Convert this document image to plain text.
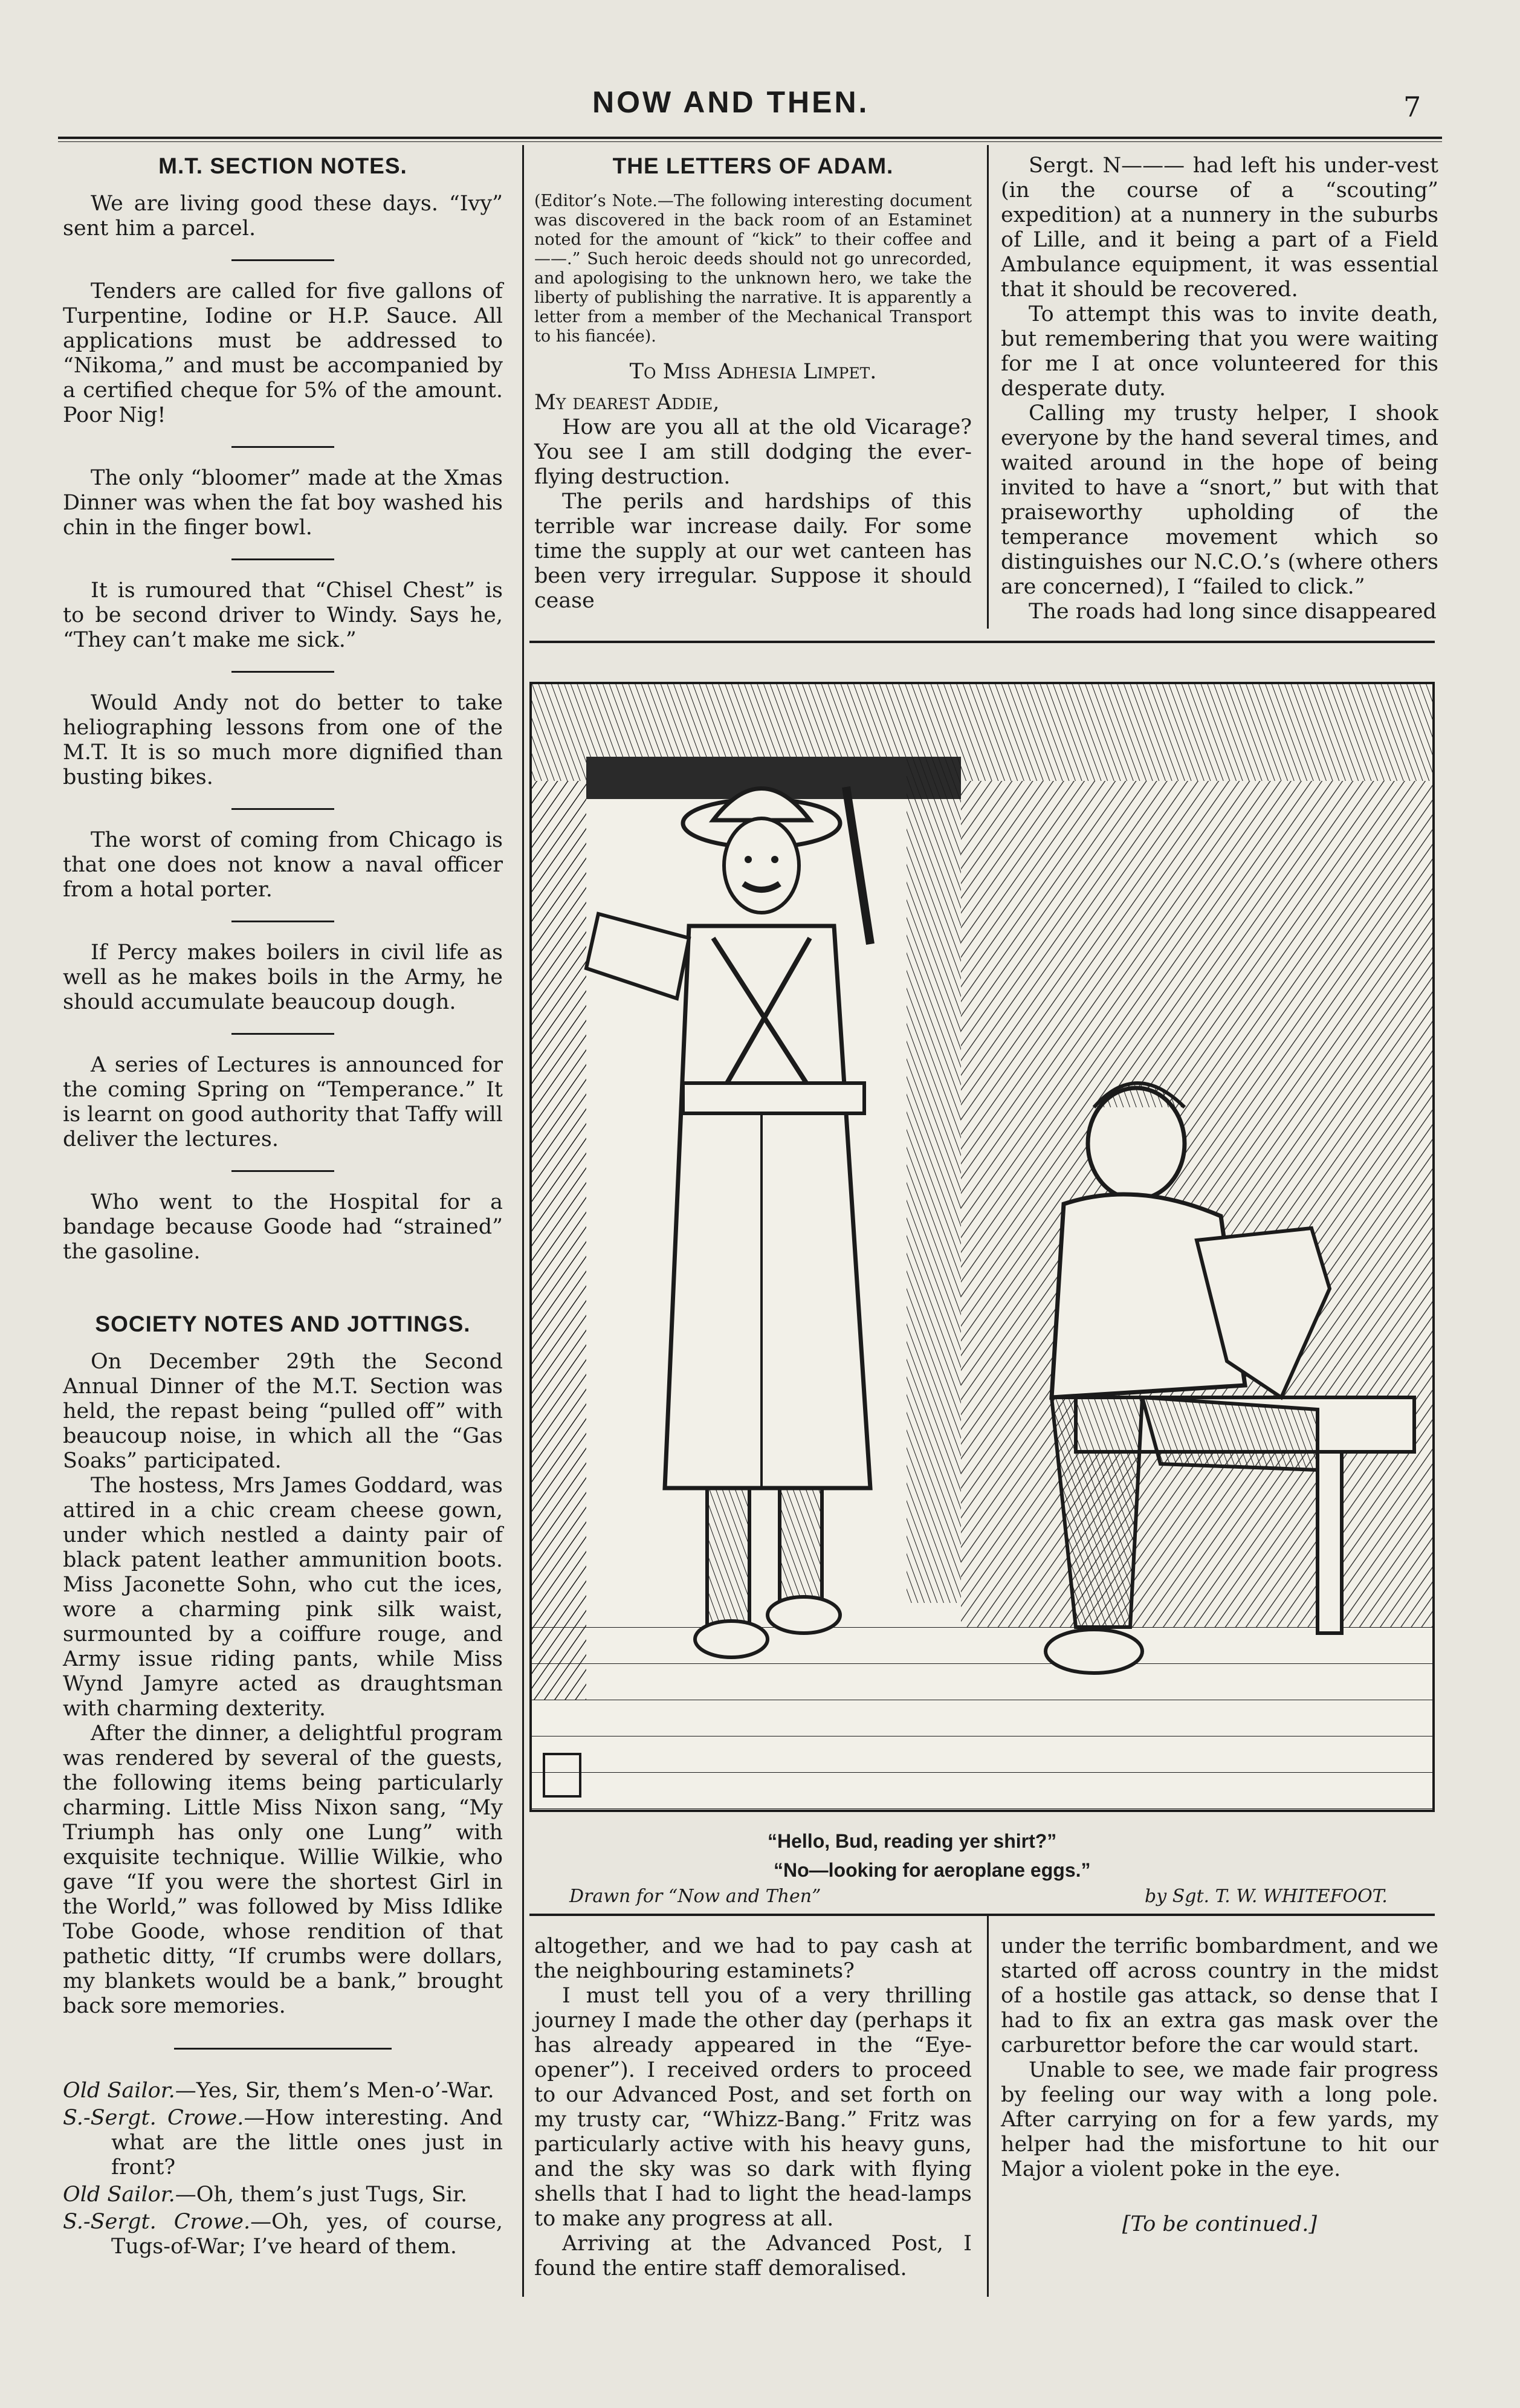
NOW AND THEN.	7
M.T. SECTION NOTES.

We are living good these days. “Ivy” sent him a parcel.

Tenders are called for five gallons of Turpentine, Iodine or H.P. Sauce. All applications must be addressed to “Nikoma,” and must be accompanied by a certified cheque for 5% of the amount. Poor Nig!

The only “bloomer” made at the Xmas Dinner was when the fat boy washed his chin in the finger bowl.

It is rumoured that “Chisel Chest” is to be second driver to Windy. Says he, “They can’t make me sick.”

Would Andy not do better to take heliographing lessons from one of the M.T. It is so much more dignified than busting bikes.

The worst of coming from Chicago is that one does not know a naval officer from a hotal porter.

If Percy makes boilers in civil life as well as he makes boils in the Army, he should accumulate beaucoup dough.

A series of Lectures is announced for the coming Spring on “Temperance.” It is learnt on good authority that Taffy will deliver the lectures.

Who went to the Hospital for a bandage because Goode had “strained” the gasoline.

SOCIETY NOTES AND JOTTINGS.

On December 29th the Second Annual Dinner of the M.T. Section was held, the repast being “pulled off” with beaucoup noise, in which all the “Gas Soaks” participated.

The hostess, Mrs James Goddard, was attired in a chic cream cheese gown, under which nestled a dainty pair of black patent leather ammunition boots. Miss Jaconette Sohn, who cut the ices, wore a charming pink silk waist, surmounted by a coiffure rouge, and Army issue riding pants, while Miss Wynd Jamyre acted as draughtsman with charming dexterity.

After the dinner, a delightful program was rendered by several of the guests, the following items being particularly charming. Little Miss Nixon sang, “My Triumph has only one Lung” with exquisite technique. Willie Wilkie, who gave “If you were the shortest Girl in the World,” was followed by Miss Idlike Tobe Goode, whose rendition of that pathetic ditty, “If crumbs were dollars, my blankets would be a bank,” brought back sore memories.

Old Sailor.—Yes, Sir, them’s Men-o’-War.

S.-Sergt. Crowe.—How interesting. And what are the little ones just in front?

Old Sailor.—Oh, them’s just Tugs, Sir.

S.-Sergt. Crowe.—Oh, yes, of course, Tugs-of-War; I’ve heard of them.

THE LETTERS OF ADAM.
(Editor’s Note.—The following interesting document was discovered in the back room of an Estaminet noted for the amount of “kick” to their coffee and ——.” Such heroic deeds should not go unrecorded, and apologising to the unknown hero, we take the liberty of publishing the narrative. It is apparently a letter from a member of the Mechanical Transport to his fiancée).

To Miss Adhesia Limpet.

My dearest Addie,

How are you all at the old Vicarage? You see I am still dodging the ever-flying destruction.

The perils and hardships of this terrible war increase daily. For some time the supply at our wet canteen has been very irregular. Suppose it should cease

Sergt. N——— had left his under-vest (in the course of a “scouting” expedition) at a nunnery in the suburbs of Lille, and it being a part of a Field Ambulance equipment, it was essential that it should be recovered.

To attempt this was to invite death, but remembering that you were waiting for me I at once volunteered for this desperate duty.

Calling my trusty helper, I shook everyone by the hand several times, and waited around in the hope of being invited to have a “snort,” but with that praiseworthy upholding of the temperance movement which so distinguishes our N.C.O.’s (where others are concerned), I “failed to click.”

The roads had long since disappeared

“Hello, Bud, reading yer shirt?”
“No—looking for aeroplane eggs.”
Drawn for “Now and Then”	by Sgt. T. W. WHITEFOOT.

altogether, and we had to pay cash at the neighbouring estaminets?

I must tell you of a very thrilling journey I made the other day (perhaps it has already appeared in the “Eye-opener”). I received orders to proceed to our Advanced Post, and set forth on my trusty car, “Whizz-Bang.” Fritz was particularly active with his heavy guns, and the sky was so dark with flying shells that I had to light the head-lamps to make any progress at all.

Arriving at the Advanced Post, I found the entire staff demoralised.

under the terrific bombardment, and we started off across country in the midst of a hostile gas attack, so dense that I had to fix an extra gas mask over the carburettor before the car would start.

Unable to see, we made fair progress by feeling our way with a long pole. After carrying on for a few yards, my helper had the misfortune to hit our Major a violent poke in the eye.

[To be continued.]
